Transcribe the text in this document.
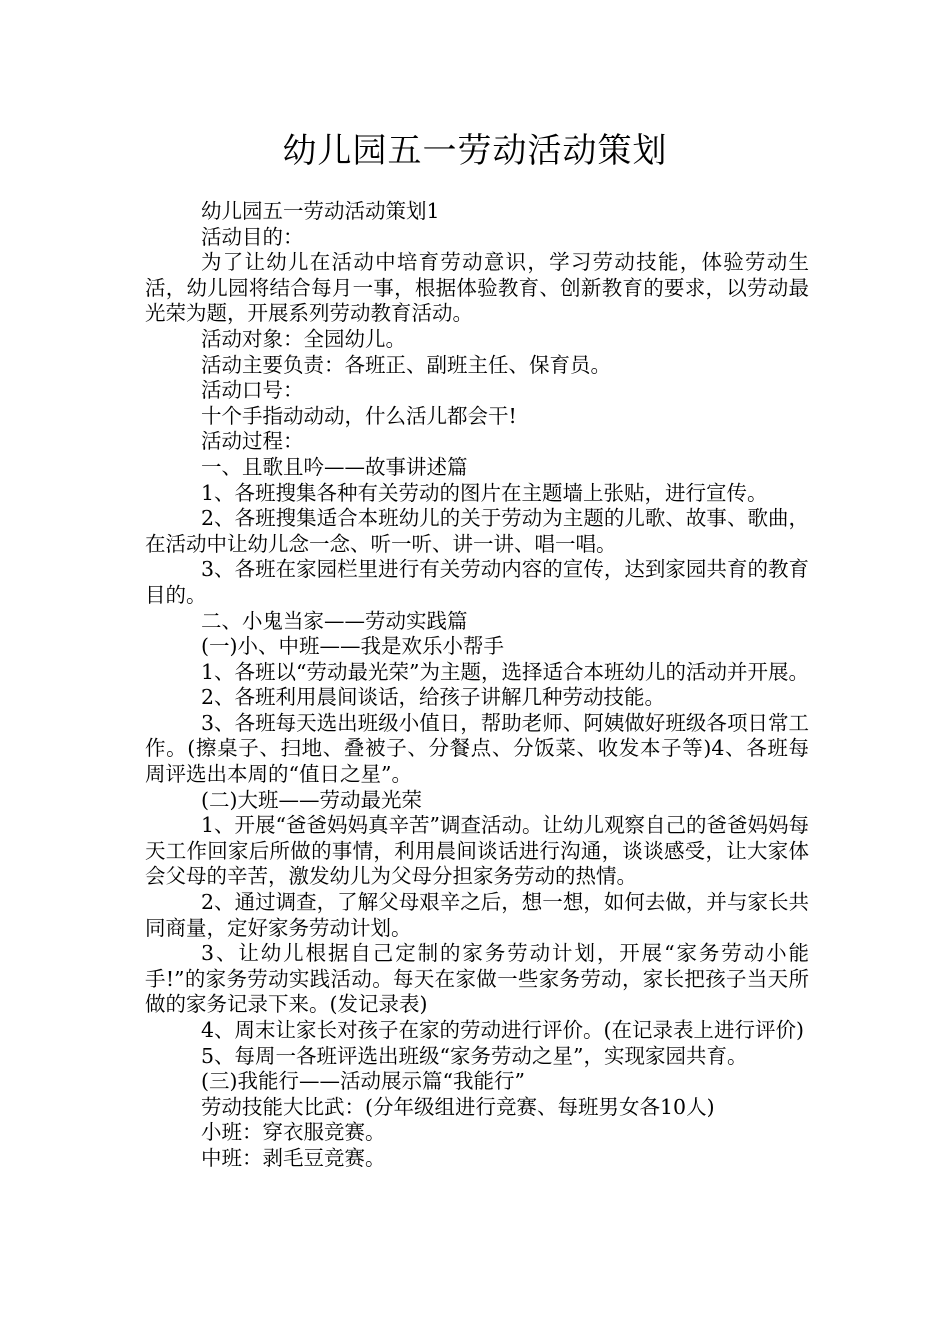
幼儿园五一劳动活动策划

幼儿园五一劳动活动策划1

活动目的：

为了让幼儿在活动中培育劳动意识，学习劳动技能，体验劳动生活，幼儿园将结合每月一事，根据体验教育、创新教育的要求，以劳动最光荣为题，开展系列劳动教育活动。

活动对象：全园幼儿。

活动主要负责：各班正、副班主任、保育员。

活动口号：

十个手指动动动，什么活儿都会干!

活动过程：

一、且歌且吟——故事讲述篇

1、各班搜集各种有关劳动的图片在主题墙上张贴，进行宣传。

2、各班搜集适合本班幼儿的关于劳动为主题的儿歌、故事、歌曲，在活动中让幼儿念一念、听一听、讲一讲、唱一唱。

3、各班在家园栏里进行有关劳动内容的宣传，达到家园共育的教育目的。

二、小鬼当家——劳动实践篇

(一)小、中班——我是欢乐小帮手

1、各班以“劳动最光荣”为主题，选择适合本班幼儿的活动并开展。

2、各班利用晨间谈话，给孩子讲解几种劳动技能。

3、各班每天选出班级小值日，帮助老师、阿姨做好班级各项日常工作。(擦桌子、扫地、叠被子、分餐点、分饭菜、收发本子等)4、各班每周评选出本周的“值日之星”。

(二)大班——劳动最光荣

1、开展“爸爸妈妈真辛苦”调查活动。让幼儿观察自己的爸爸妈妈每天工作回家后所做的事情，利用晨间谈话进行沟通，谈谈感受，让大家体会父母的辛苦，激发幼儿为父母分担家务劳动的热情。

2、通过调查，了解父母艰辛之后，想一想，如何去做，并与家长共同商量，定好家务劳动计划。

3、让幼儿根据自己定制的家务劳动计划，开展“家务劳动小能手!”的家务劳动实践活动。每天在家做一些家务劳动，家长把孩子当天所做的家务记录下来。(发记录表)

4、周末让家长对孩子在家的劳动进行评价。(在记录表上进行评价)

5、每周一各班评选出班级“家务劳动之星”，实现家园共育。

(三)我能行——活动展示篇“我能行”

劳动技能大比武：(分年级组进行竞赛、每班男女各10人)

小班：穿衣服竞赛。

中班：剥毛豆竞赛。
